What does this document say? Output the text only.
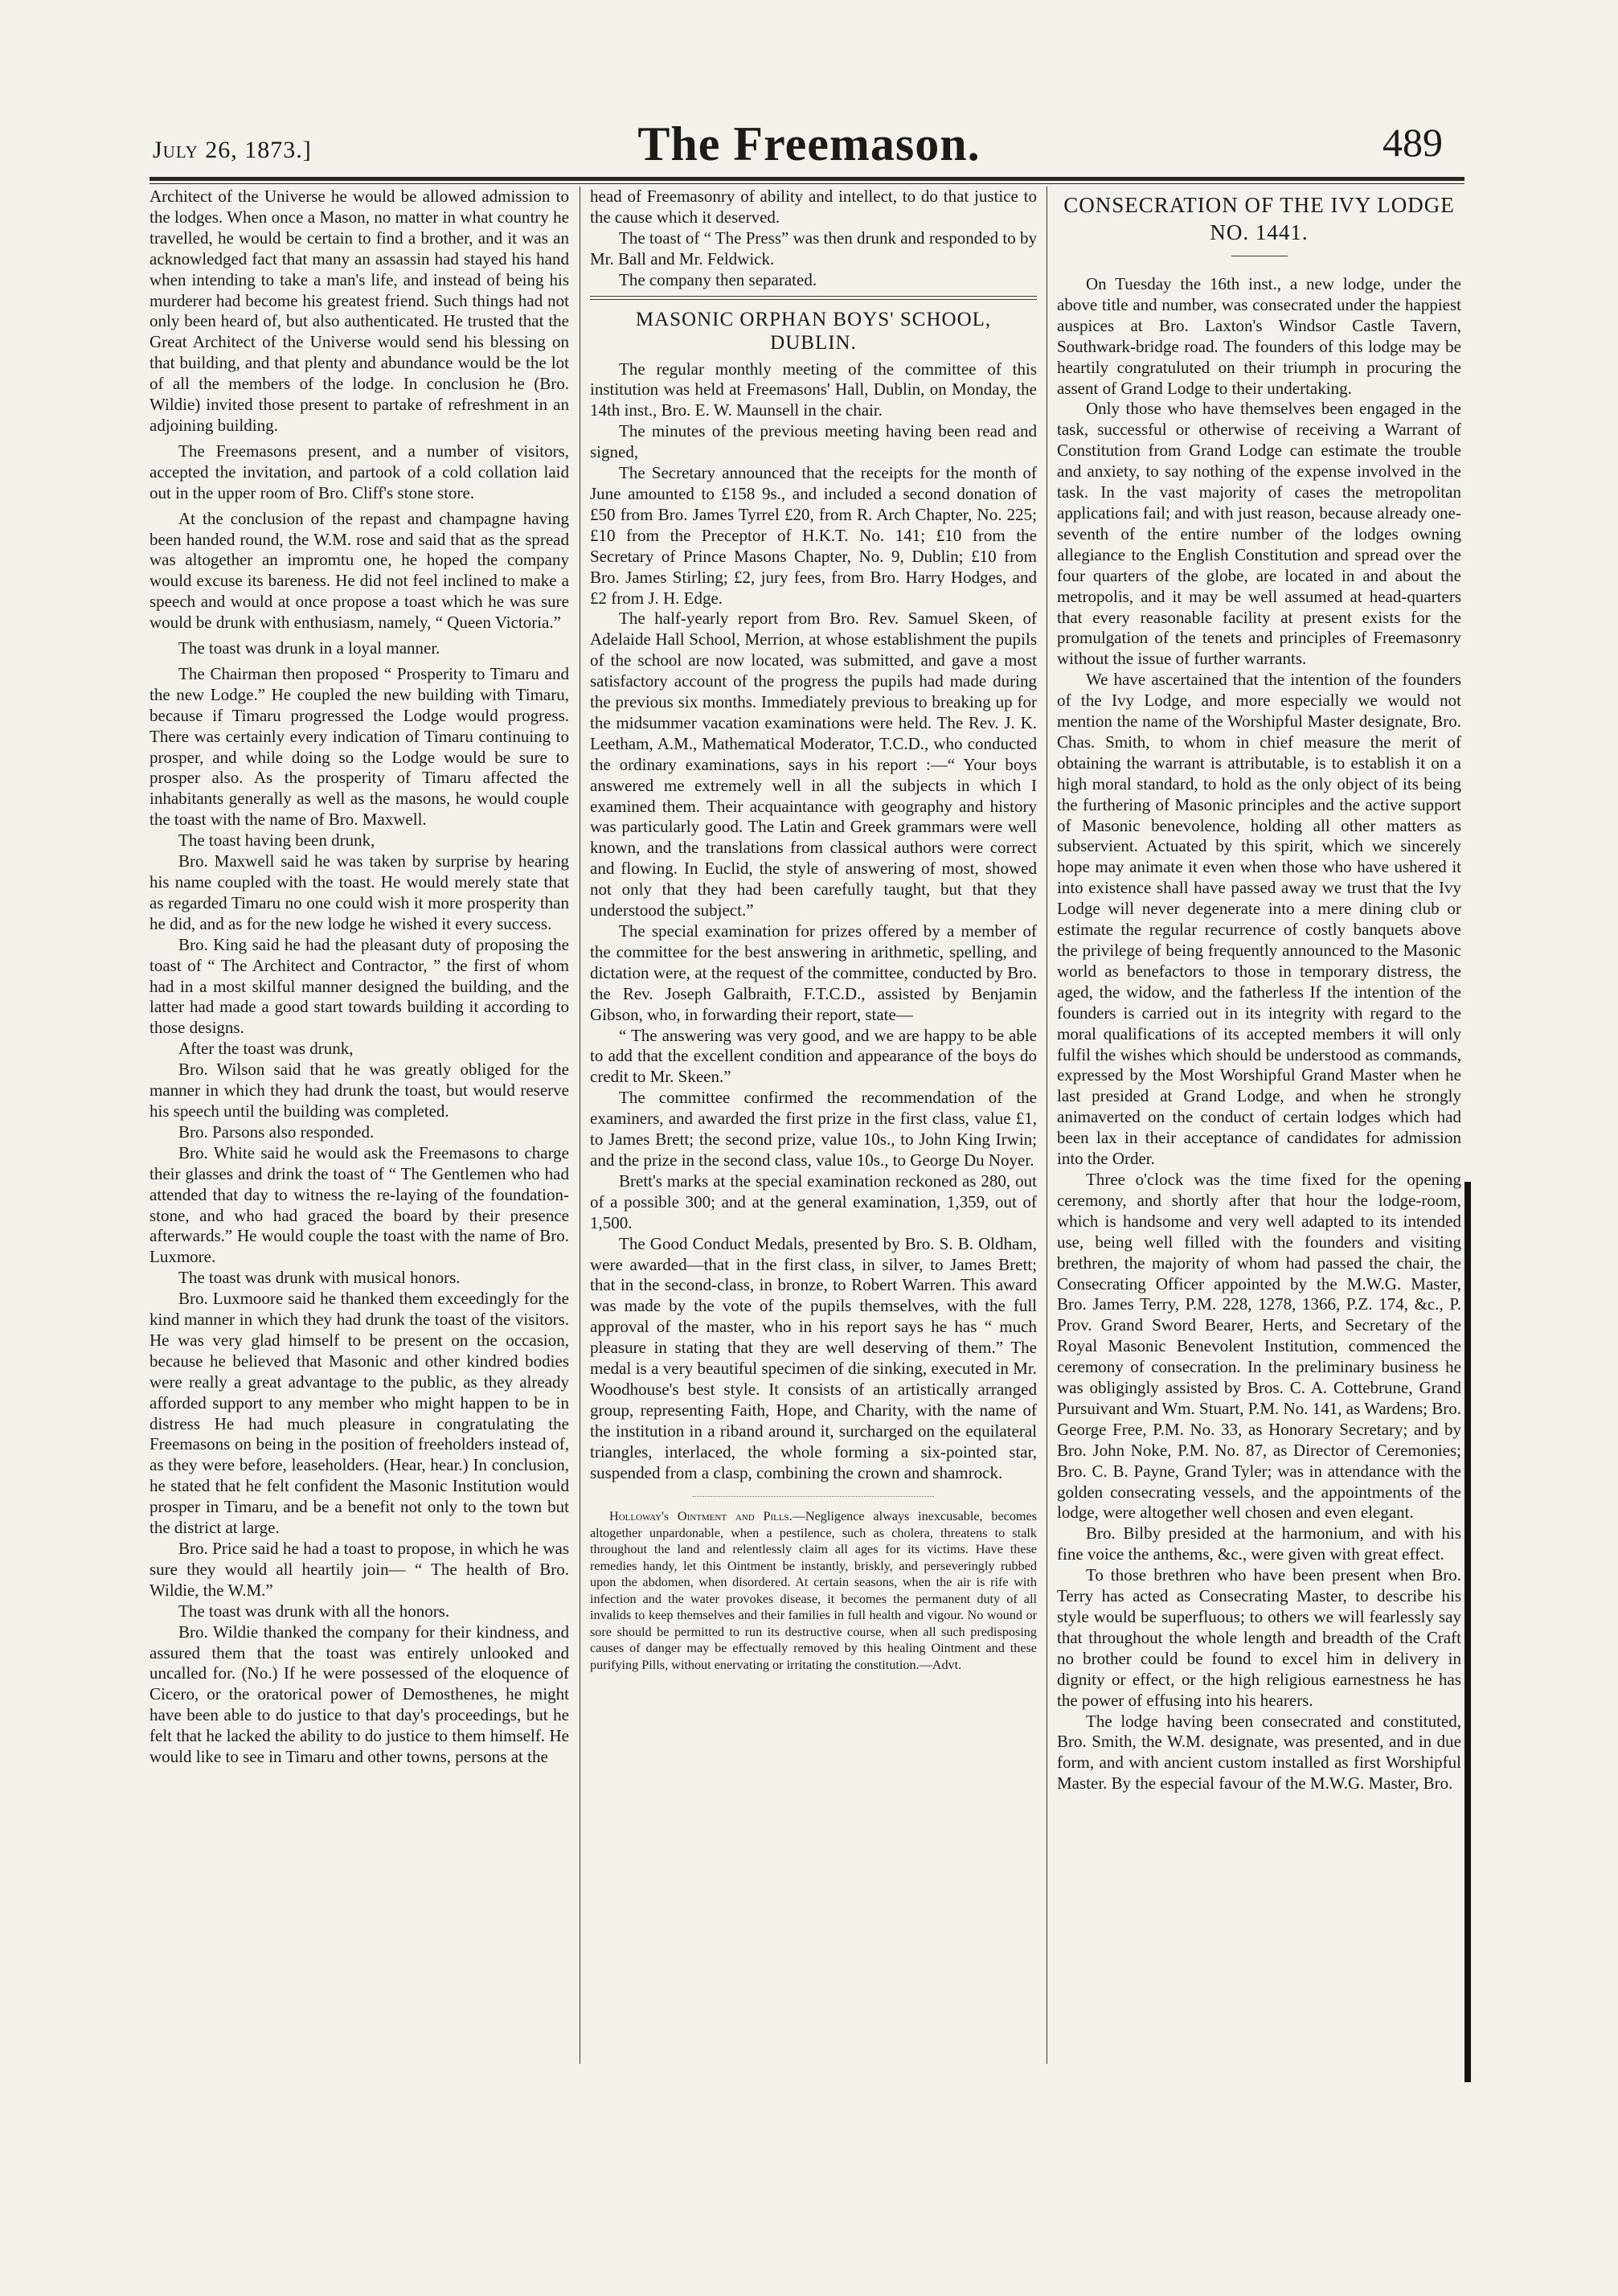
July 26, 1873.]	The Freemason.	489

Architect of the Universe he would be allowed admission to the lodges. When once a Mason, no matter in what country he travelled, he would be certain to find a brother, and it was an acknowledged fact that many an assassin had stayed his hand when intending to take a man's life, and instead of being his murderer had become his greatest friend. Such things had not only been heard of, but also authenticated. He trusted that the Great Architect of the Universe would send his blessing on that building, and that plenty and abundance would be the lot of all the members of the lodge. In conclusion he (Bro. Wildie) invited those present to partake of refreshment in an adjoining building.

The Freemasons present, and a number of visitors, accepted the invitation, and partook of a cold collation laid out in the upper room of Bro. Cliff's stone store.

At the conclusion of the repast and champagne having been handed round, the W.M. rose and said that as the spread was altogether an impromtu one, he hoped the company would excuse its bareness. He did not feel inclined to make a speech and would at once propose a toast which he was sure would be drunk with enthusiasm, namely, “ Queen Victoria.”

The toast was drunk in a loyal manner.

The Chairman then proposed “ Prosperity to Timaru and the new Lodge.” He coupled the new building with Timaru, because if Timaru progressed the Lodge would progress. There was certainly every indication of Timaru continuing to prosper, and while doing so the Lodge would be sure to prosper also. As the prosperity of Timaru affected the inhabitants generally as well as the masons, he would couple the toast with the name of Bro. Maxwell.

The toast having been drunk,

Bro. Maxwell said he was taken by surprise by hearing his name coupled with the toast. He would merely state that as regarded Timaru no one could wish it more prosperity than he did, and as for the new lodge he wished it every success.

Bro. King said he had the pleasant duty of proposing the toast of “ The Architect and Contractor, ” the first of whom had in a most skilful manner designed the building, and the latter had made a good start towards building it according to those designs.

After the toast was drunk,

Bro. Wilson said that he was greatly obliged for the manner in which they had drunk the toast, but would reserve his speech until the building was completed.

Bro. Parsons also responded.

Bro. White said he would ask the Freemasons to charge their glasses and drink the toast of “ The Gentlemen who had attended that day to witness the re-laying of the foundation-stone, and who had graced the board by their presence afterwards.” He would couple the toast with the name of Bro. Luxmore.

The toast was drunk with musical honors.

Bro. Luxmoore said he thanked them exceedingly for the kind manner in which they had drunk the toast of the visitors. He was very glad himself to be present on the occasion, because he believed that Masonic and other kindred bodies were really a great advantage to the public, as they already afforded support to any member who might happen to be in distress He had much pleasure in congratulating the Freemasons on being in the position of freeholders instead of, as they were before, leaseholders. (Hear, hear.) In conclusion, he stated that he felt confident the Masonic Institution would prosper in Timaru, and be a benefit not only to the town but the district at large.

Bro. Price said he had a toast to propose, in which he was sure they would all heartily join— “ The health of Bro. Wildie, the W.M.”

The toast was drunk with all the honors.

Bro. Wildie thanked the company for their kindness, and assured them that the toast was entirely unlooked and uncalled for. (No.) If he were possessed of the eloquence of Cicero, or the oratorical power of Demosthenes, he might have been able to do justice to that day's proceedings, but he felt that he lacked the ability to do justice to them himself. He would like to see in Timaru and other towns, persons at the

head of Freemasonry of ability and intellect, to do that justice to the cause which it deserved.

The toast of “ The Press” was then drunk and responded to by Mr. Ball and Mr. Feldwick.

The company then separated.

MASONIC ORPHAN BOYS' SCHOOL, DUBLIN.

The regular monthly meeting of the committee of this institution was held at Freemasons' Hall, Dublin, on Monday, the 14th inst., Bro. E. W. Maunsell in the chair.

The minutes of the previous meeting having been read and signed,

The Secretary announced that the receipts for the month of June amounted to £158 9s., and included a second donation of £50 from Bro. James Tyrrel £20, from R. Arch Chapter, No. 225; £10 from the Preceptor of H.K.T. No. 141; £10 from the Secretary of Prince Masons Chapter, No. 9, Dublin; £10 from Bro. James Stirling; £2, jury fees, from Bro. Harry Hodges, and £2 from J. H. Edge.

The half-yearly report from Bro. Rev. Samuel Skeen, of Adelaide Hall School, Merrion, at whose establishment the pupils of the school are now located, was submitted, and gave a most satisfactory account of the progress the pupils had made during the previous six months. Immediately previous to breaking up for the midsummer vacation examinations were held. The Rev. J. K. Leetham, A.M., Mathematical Moderator, T.C.D., who conducted the ordinary examinations, says in his report :—“ Your boys answered me extremely well in all the subjects in which I examined them. Their acquaintance with geography and history was particularly good. The Latin and Greek grammars were well known, and the translations from classical authors were correct and flowing. In Euclid, the style of answering of most, showed not only that they had been carefully taught, but that they understood the subject.”

The special examination for prizes offered by a member of the committee for the best answering in arithmetic, spelling, and dictation were, at the request of the committee, conducted by Bro. the Rev. Joseph Galbraith, F.T.C.D., assisted by Benjamin Gibson, who, in forwarding their report, state—

“ The answering was very good, and we are happy to be able to add that the excellent condition and appearance of the boys do credit to Mr. Skeen.”

The committee confirmed the recommendation of the examiners, and awarded the first prize in the first class, value £1, to James Brett; the second prize, value 10s., to John King Irwin; and the prize in the second class, value 10s., to George Du Noyer.

Brett's marks at the special examination reckoned as 280, out of a possible 300; and at the general examination, 1,359, out of 1,500.

The Good Conduct Medals, presented by Bro. S. B. Oldham, were awarded—that in the first class, in silver, to James Brett; that in the second-class, in bronze, to Robert Warren. This award was made by the vote of the pupils themselves, with the full approval of the master, who in his report says he has “ much pleasure in stating that they are well deserving of them.” The medal is a very beautiful specimen of die sinking, executed in Mr. Woodhouse's best style. It consists of an artistically arranged group, representing Faith, Hope, and Charity, with the name of the institution in a riband around it, surcharged on the equilateral triangles, interlaced, the whole forming a six-pointed star, suspended from a clasp, combining the crown and shamrock.

Holloway's Ointment and Pills.—Negligence always inexcusable, becomes altogether unpardonable, when a pestilence, such as cholera, threatens to stalk throughout the land and relentlessly claim all ages for its victims. Have these remedies handy, let this Ointment be instantly, briskly, and perseveringly rubbed upon the abdomen, when disordered. At certain seasons, when the air is rife with infection and the water provokes disease, it becomes the permanent duty of all invalids to keep themselves and their families in full health and vigour. No wound or sore should be permitted to run its destructive course, when all such predisposing causes of danger may be effectually removed by this healing Ointment and these purifying Pills, without enervating or irritating the constitution.—Advt.

CONSECRATION OF THE IVY LODGE

NO. 1441.

On Tuesday the 16th inst., a new lodge, under the above title and number, was consecrated under the happiest auspices at Bro. Laxton's Windsor Castle Tavern, Southwark-bridge road. The founders of this lodge may be heartily congratuluted on their triumph in procuring the assent of Grand Lodge to their undertaking.

Only those who have themselves been engaged in the task, successful or otherwise of receiving a Warrant of Constitution from Grand Lodge can estimate the trouble and anxiety, to say nothing of the expense involved in the task. In the vast majority of cases the metropolitan applications fail; and with just reason, because already one-seventh of the entire number of the lodges owning allegiance to the English Constitution and spread over the four quarters of the globe, are located in and about the metropolis, and it may be well assumed at head-quarters that every reasonable facility at present exists for the promulgation of the tenets and principles of Freemasonry without the issue of further warrants.

We have ascertained that the intention of the founders of the Ivy Lodge, and more especially we would not mention the name of the Worshipful Master designate, Bro. Chas. Smith, to whom in chief measure the merit of obtaining the warrant is attributable, is to establish it on a high moral standard, to hold as the only object of its being the furthering of Masonic principles and the active support of Masonic benevolence, holding all other matters as subservient. Actuated by this spirit, which we sincerely hope may animate it even when those who have ushered it into existence shall have passed away we trust that the Ivy Lodge will never degenerate into a mere dining club or estimate the regular recurrence of costly banquets above the privilege of being frequently announced to the Masonic world as benefactors to those in temporary distress, the aged, the widow, and the fatherless If the intention of the founders is carried out in its integrity with regard to the moral qualifications of its accepted members it will only fulfil the wishes which should be understood as commands, expressed by the Most Worshipful Grand Master when he last presided at Grand Lodge, and when he strongly animaverted on the conduct of certain lodges which had been lax in their acceptance of candidates for admission into the Order.

Three o'clock was the time fixed for the opening ceremony, and shortly after that hour the lodge-room, which is handsome and very well adapted to its intended use, being well filled with the founders and visiting brethren, the majority of whom had passed the chair, the Consecrating Officer appointed by the M.W.G. Master, Bro. James Terry, P.M. 228, 1278, 1366, P.Z. 174, &c., P. Prov. Grand Sword Bearer, Herts, and Secretary of the Royal Masonic Benevolent Institution, commenced the ceremony of consecration. In the preliminary business he was obligingly assisted by Bros. C. A. Cottebrune, Grand Pursuivant and Wm. Stuart, P.M. No. 141, as Wardens; Bro. George Free, P.M. No. 33, as Honorary Secretary; and by Bro. John Noke, P.M. No. 87, as Director of Ceremonies; Bro. C. B. Payne, Grand Tyler; was in attendance with the golden consecrating vessels, and the appointments of the lodge, were altogether well chosen and even elegant.

Bro. Bilby presided at the harmonium, and with his fine voice the anthems, &c., were given with great effect.

To those brethren who have been present when Bro. Terry has acted as Consecrating Master, to describe his style would be superfluous; to others we will fearlessly say that throughout the whole length and breadth of the Craft no brother could be found to excel him in delivery in dignity or effect, or the high religious earnestness he has the power of effusing into his hearers.

The lodge having been consecrated and constituted, Bro. Smith, the W.M. designate, was presented, and in due form, and with ancient custom installed as first Worshipful Master. By the especial favour of the M.W.G. Master, Bro.
